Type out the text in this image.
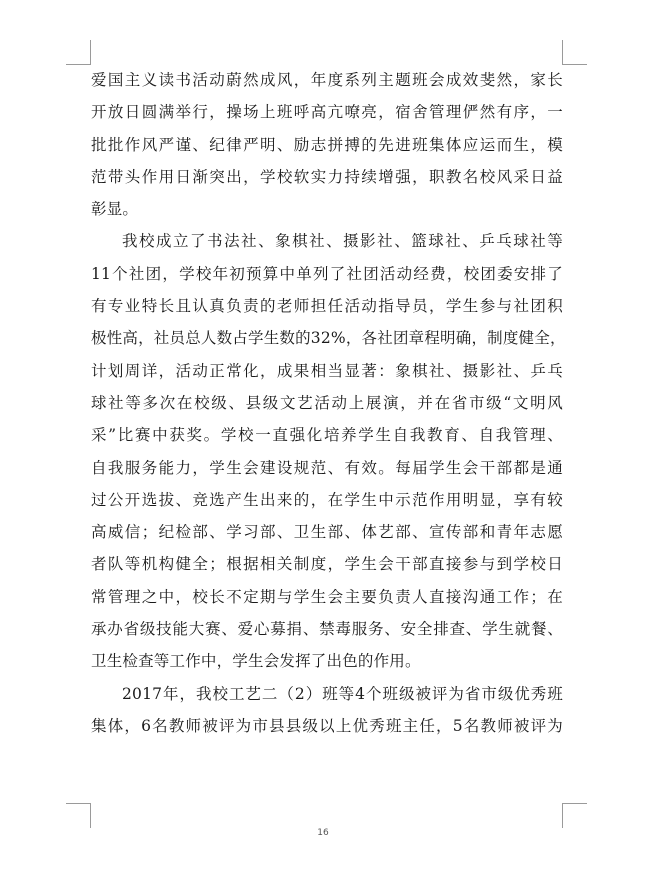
爱国主义读书活动蔚然成风，年度系列主题班会成效斐然，家长
开放日圆满举行，操场上班呼高亢嘹亮，宿舍管理俨然有序，一
批批作风严谨、纪律严明、励志拼搏的先进班集体应运而生，模
范带头作用日渐突出，学校软实力持续增强，职教名校风采日益
彰显。
我校成立了书法社、象棋社、摄影社、篮球社、乒乓球社等
11个社团，学校年初预算中单列了社团活动经费，校团委安排了
有专业特长且认真负责的老师担任活动指导员，学生参与社团积
极性高，社员总人数占学生数的32%，各社团章程明确，制度健全，
计划周详，活动正常化，成果相当显著：象棋社、摄影社、乒乓
球社等多次在校级、县级文艺活动上展演，并在省市级“文明风
采”比赛中获奖。学校一直强化培养学生自我教育、自我管理、
自我服务能力，学生会建设规范、有效。每届学生会干部都是通
过公开选拔、竞选产生出来的，在学生中示范作用明显，享有较
高威信；纪检部、学习部、卫生部、体艺部、宣传部和青年志愿
者队等机构健全；根据相关制度，学生会干部直接参与到学校日
常管理之中，校长不定期与学生会主要负责人直接沟通工作；在
承办省级技能大赛、爱心募捐、禁毒服务、安全排查、学生就餐、
卫生检查等工作中，学生会发挥了出色的作用。
2017年，我校工艺二（2）班等4个班级被评为省市级优秀班
集体，6名教师被评为市县县级以上优秀班主任，5名教师被评为
16
